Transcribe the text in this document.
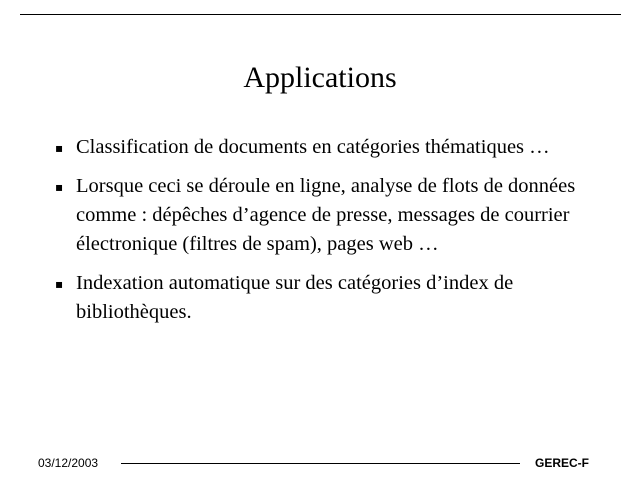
Applications
▪ Classification de documents en catégories thématiques …
▪ Lorsque ceci se déroule en ligne, analyse de flots de données comme : dépêches d’agence de presse, messages de courrier électronique (filtres de spam), pages web …
▪ Indexation automatique sur des catégories d’index de bibliothèques.
03/12/2003	GEREC-F
